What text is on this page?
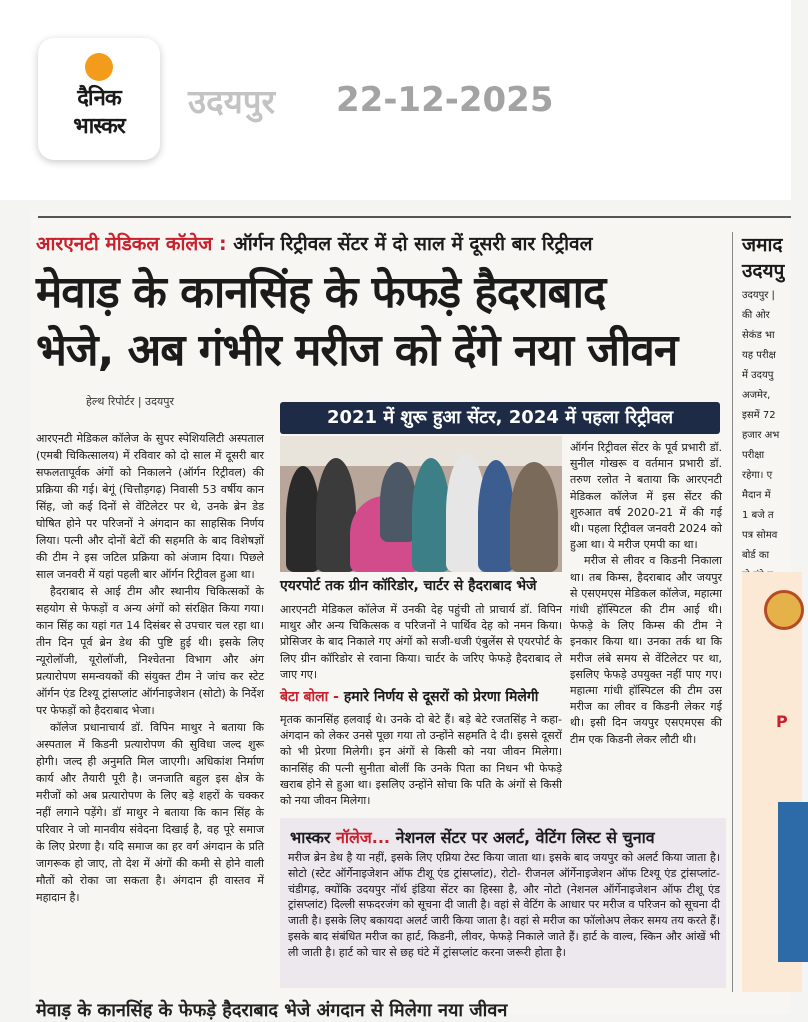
दैनिक
भास्कर
उदयपुर 22-12-2025
आरएनटी मेडिकल कॉलेज : ऑर्गन रिट्रीवल सेंटर में दो साल में दूसरी बार रिट्रीवल
मेवाड़ के कानसिंह के फेफड़े हैदराबाद
भेजे, अब गंभीर मरीज को देंगे नया जीवन
हेल्थ रिपोर्टर | उदयपुर

आरएनटी मेडिकल कॉलेज के सुपर स्पेशियलिटी अस्पताल (एमबी चिकित्सालय) में रविवार को दो साल में दूसरी बार सफलतापूर्वक अंगों को निकालने (ऑर्गन रिट्रीवल) की प्रक्रिया की गई। बेगूं (चित्तौड़गढ़) निवासी 53 वर्षीय कान सिंह, जो कई दिनों से वेंटिलेटर पर थे, उनके ब्रेन डेड घोषित होने पर परिजनों ने अंगदान का साहसिक निर्णय लिया। पत्नी और दोनों बेटों की सहमति के बाद विशेषज्ञों की टीम ने इस जटिल प्रक्रिया को अंजाम दिया। पिछले साल जनवरी में यहां पहली बार ऑर्गन रिट्रीवल हुआ था।

हैदराबाद से आई टीम और स्थानीय चिकित्सकों के सहयोग से फेफड़ों व अन्य अंगों को संरक्षित किया गया। कान सिंह का यहां गत 14 दिसंबर से उपचार चल रहा था। तीन दिन पूर्व ब्रेन डेथ की पुष्टि हुई थी। इसके लिए न्यूरोलॉजी, यूरोलॉजी, निश्चेतना विभाग और अंग प्रत्यारोपण समन्वयकों की संयुक्त टीम ने जांच कर स्टेट ऑर्गन एंड टिश्यू ट्रांसप्लांट ऑर्गनाइजेशन (सोटो) के निर्देश पर फेफड़ों को हैदराबाद भेजा।

कॉलेज प्रधानाचार्य डॉ. विपिन माथुर ने बताया कि अस्पताल में किडनी प्रत्यारोपण की सुविधा जल्द शुरू होगी। जल्द ही अनुमति मिल जाएगी। अधिकांश निर्माण कार्य और तैयारी पूरी है। जनजाति बहुल इस क्षेत्र के मरीजों को अब प्रत्यारोपण के लिए बड़े शहरों के चक्कर नहीं लगाने पड़ेंगे। डॉ माथुर ने बताया कि कान सिंह के परिवार ने जो मानवीय संवेदना दिखाई है, वह पूरे समाज के लिए प्रेरणा है। यदि समाज का हर वर्ग अंगदान के प्रति जागरूक हो जाए, तो देश में अंगों की कमी से होने वाली मौतों को रोका जा सकता है। अंगदान ही वास्तव में महादान है।

2021 में शुरू हुआ सेंटर, 2024 में पहला रिट्रीवल
एयरपोर्ट तक ग्रीन कॉरिडोर, चार्टर से हैदराबाद भेजे
आरएनटी मेडिकल कॉलेज में उनकी देह पहुंची तो प्राचार्य डॉ. विपिन माथुर और अन्य चिकित्सक व परिजनों ने पार्थिव देह को नमन किया। प्रोसिजर के बाद निकाले गए अंगों को सजी-धजी एंबुलेंस से एयरपोर्ट के लिए ग्रीन कॉरिडोर से रवाना किया। चार्टर के जरिए फेफड़े हैदराबाद ले जाए गए।
बेटा बोला - हमारे निर्णय से दूसरों को प्रेरणा मिलेगी
मृतक कानसिंह हलवाई थे। उनके दो बेटे हैं। बड़े बेटे रजतसिंह ने कहा- अंगदान को लेकर उनसे पूछा गया तो उन्होंने सहमति दे दी। इससे दूसरों को भी प्रेरणा मिलेगी। इन अंगों से किसी को नया जीवन मिलेगा। कानसिंह की पत्नी सुनीता बोलीं कि उनके पिता का निधन भी फेफड़े खराब होने से हुआ था। इसलिए उन्होंने सोचा कि पति के अंगों से किसी को नया जीवन मिलेगा।

ऑर्गन रिट्रीवल सेंटर के पूर्व प्रभारी डॉ. सुनील गोखरू व वर्तमान प्रभारी डॉ. तरुण रलोत ने बताया कि आरएनटी मेडिकल कॉलेज में इस सेंटर की शुरुआत वर्ष 2020-21 में की गई थी। पहला रिट्रीवल जनवरी 2024 को हुआ था। ये मरीज एमपी का था।

मरीज से लीवर व किडनी निकाला था। तब किम्स, हैदराबाद और जयपुर से एसएमएस मेडिकल कॉलेज, महात्मा गांधी हॉस्पिटल की टीम आई थी। फेफड़े के लिए किम्स की टीम ने इनकार किया था। उनका तर्क था कि मरीज लंबे समय से वेंटिलेटर पर था, इसलिए फेफड़े उपयुक्त नहीं पाए गए। महात्मा गांधी हॉस्पिटल की टीम उस मरीज का लीवर व किडनी लेकर गई थी। इसी दिन जयपुर एसएमएस की टीम एक किडनी लेकर लौटी थी।

भास्कर नॉलेज... नेशनल सेंटर पर अलर्ट, वेटिंग लिस्ट से चुनाव
मरीज ब्रेन डेथ है या नहीं, इसके लिए एप्निया टेस्ट किया जाता था। इसके बाद जयपुर को अलर्ट किया जाता है। सोटो (स्टेट ऑर्गेनाइजेशन ऑफ टीशू एंड ट्रांसप्लांट), रोटो- रीजनल ऑर्गेनाइजेशन ऑफ टिश्यू एंड ट्रांसप्लांट- चंडीगढ़, क्योंकि उदयपुर नॉर्थ इंडिया सेंटर का हिस्सा है, और नोटो (नेशनल ऑर्गेनाइजेशन ऑफ टीशू एंड ट्रांसप्लांट) दिल्ली सफदरजंग को सूचना दी जाती है। वहां से वेटिंग के आधार पर मरीज व परिजन को सूचना दी जाती है। इसके लिए बकायदा अलर्ट जारी किया जाता है। वहां से मरीज का फॉलोअप लेकर समय तय करते हैं। इसके बाद संबंधित मरीज का हार्ट, किडनी, लीवर, फेफड़े निकाले जाते हैं। हार्ट के वाल्व, स्किन और आंखें भी ली जाती है। हार्ट को चार से छह घंटे में ट्रांसप्लांट करना जरूरी होता है।
जमाद
उदयपु
उदयपुर |
की ओर
सेकंड भा
यह परीक्ष
में उदयपु
अजमेर,
इसमें 72
हजार अभ
परीक्षा
रहेगा। ए
मैदान में
1 बजे त
पत्र सोमव
बोर्ड का
P
मेवाड़ के कानसिंह के फेफड़े हैदराबाद भेजे अंगदान से मिलेगा नया जीवन
